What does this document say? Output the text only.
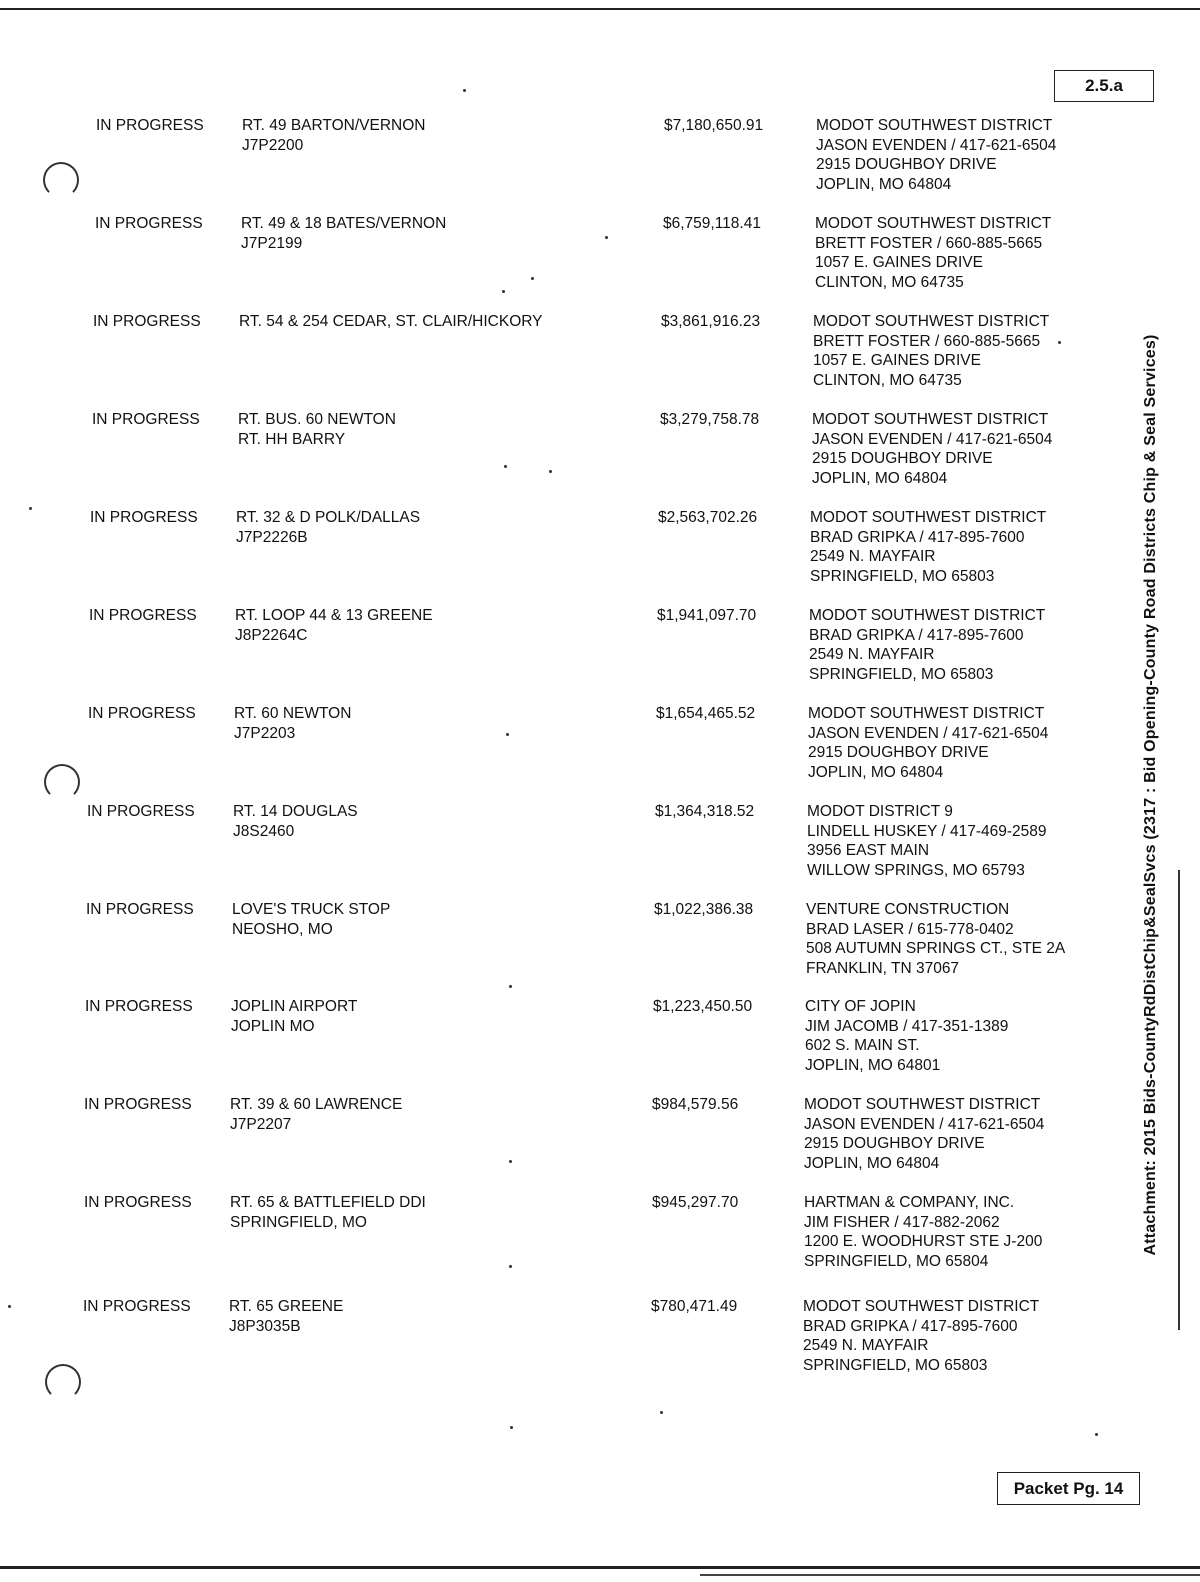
2.5.a
IN PROGRESS RT. 49 BARTON/VERNON
J7P2200
$7,180,650.91	MODOT SOUTHWEST DISTRICT
JASON EVENDEN / 417-621-6504
2915 DOUGHBOY DRIVE
JOPLIN, MO 64804
IN PROGRESS RT. 49 & 18 BATES/VERNON
J7P2199
$6,759,118.41	MODOT SOUTHWEST DISTRICT
BRETT FOSTER / 660-885-5665
1057 E. GAINES DRIVE
CLINTON, MO 64735
IN PROGRESS RT. 54 & 254 CEDAR, ST. CLAIR/HICKORY	$3,861,916.23	MODOT SOUTHWEST DISTRICT
BRETT FOSTER / 660-885-5665
1057 E. GAINES DRIVE
CLINTON, MO 64735
IN PROGRESS RT. BUS. 60 NEWTON
RT. HH BARRY
$3,279,758.78	MODOT SOUTHWEST DISTRICT
JASON EVENDEN / 417-621-6504
2915 DOUGHBOY DRIVE
JOPLIN, MO 64804
IN PROGRESS RT. 32 & D POLK/DALLAS
J7P2226B
$2,563,702.26	MODOT SOUTHWEST DISTRICT
BRAD GRIPKA / 417-895-7600
2549 N. MAYFAIR
SPRINGFIELD, MO 65803
IN PROGRESS RT. LOOP 44 & 13 GREENE
J8P2264C
$1,941,097.70	MODOT SOUTHWEST DISTRICT
BRAD GRIPKA / 417-895-7600
2549 N. MAYFAIR
SPRINGFIELD, MO 65803
IN PROGRESS RT. 60 NEWTON
J7P2203
$1,654,465.52	MODOT SOUTHWEST DISTRICT
JASON EVENDEN / 417-621-6504
2915 DOUGHBOY DRIVE
JOPLIN, MO 64804
IN PROGRESS RT. 14 DOUGLAS
J8S2460
$1,364,318.52	MODOT DISTRICT 9
LINDELL HUSKEY / 417-469-2589
3956 EAST MAIN
WILLOW SPRINGS, MO 65793
IN PROGRESS LOVE'S TRUCK STOP
NEOSHO, MO
$1,022,386.38	VENTURE CONSTRUCTION
BRAD LASER / 615-778-0402
508 AUTUMN SPRINGS CT., STE 2A
FRANKLIN, TN 37067
IN PROGRESS JOPLIN AIRPORT
JOPLIN MO
$1,223,450.50	CITY OF JOPIN
JIM JACOMB / 417-351-1389
602 S. MAIN ST.
JOPLIN, MO 64801
IN PROGRESS RT. 39 & 60 LAWRENCE
J7P2207
$984,579.56	MODOT SOUTHWEST DISTRICT
JASON EVENDEN / 417-621-6504
2915 DOUGHBOY DRIVE
JOPLIN, MO 64804
IN PROGRESS RT. 65 & BATTLEFIELD DDI
SPRINGFIELD, MO
$945,297.70	HARTMAN & COMPANY, INC.
JIM FISHER / 417-882-2062
1200 E. WOODHURST STE J-200
SPRINGFIELD, MO 65804
IN PROGRESS RT. 65 GREENE
J8P3035B
$780,471.49	MODOT SOUTHWEST DISTRICT
BRAD GRIPKA / 417-895-7600
2549 N. MAYFAIR
SPRINGFIELD, MO 65803
Attachment: 2015 Bids-CountyRdDistChip&SealSvcs (2317 : Bid Opening-County Road Districts Chip & Seal Services)
Packet Pg. 14
